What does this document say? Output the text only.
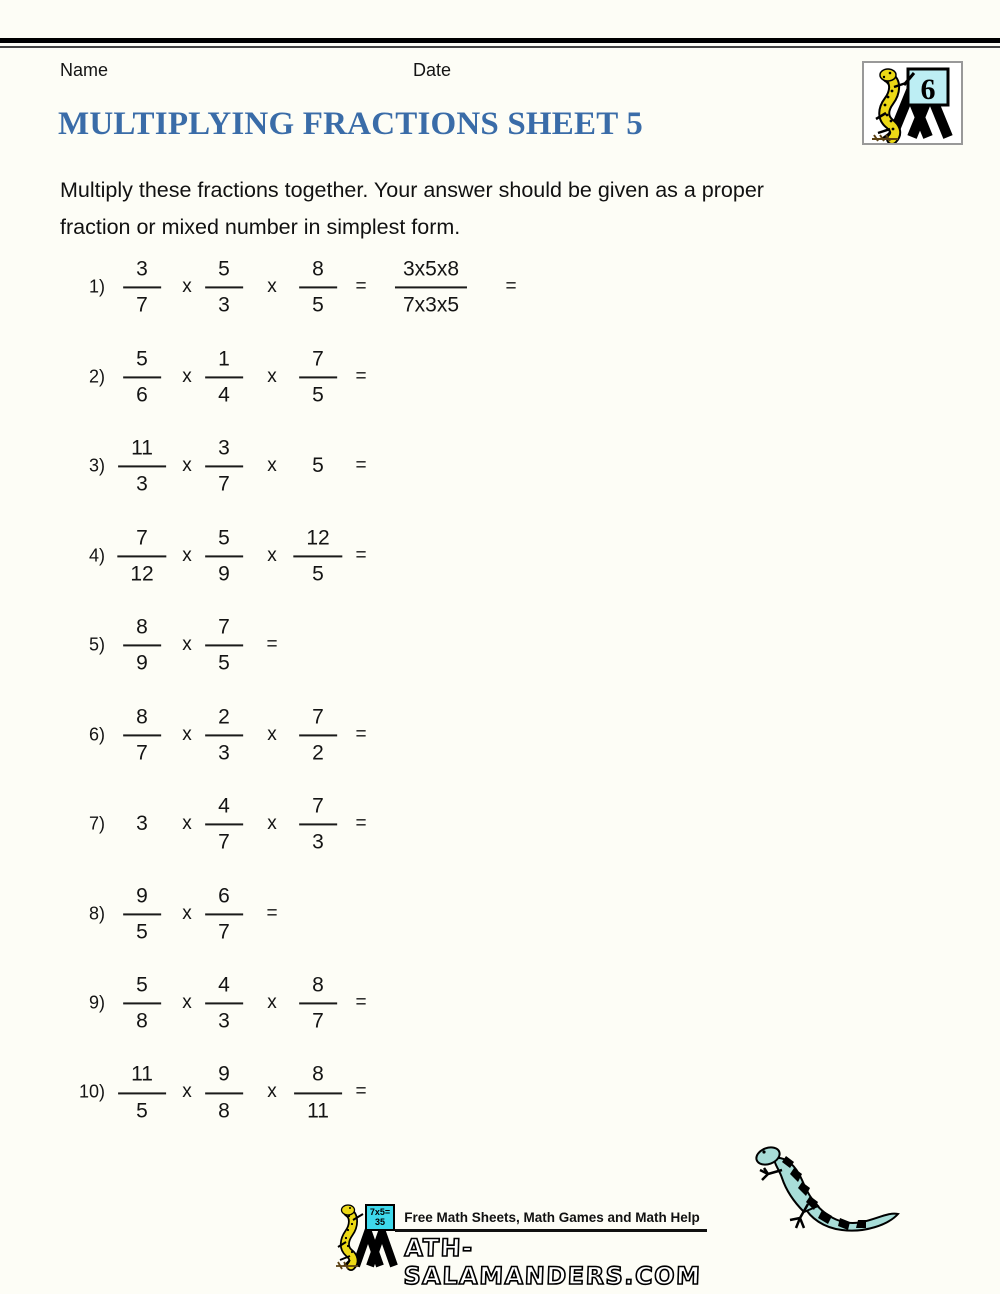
Name	Date
6
MULTIPLYING FRACTIONS SHEET 5
Multiply these fractions together. Your answer should be given as a proper
fraction or mixed number in simplest form.
$1) \frac{3}{7}$ x $\frac{5}{3}$ x $\frac{8}{5} = \frac{3x5x8}{7x3x5}$ =
$2) \frac{5}{6}$ x $\frac{1}{4}$ x $\frac{7}{5}$ =
$3) \frac{11}{3}$ x $\frac{3}{7}$ x 5 =
$4) \frac{7}{12}$ x $\frac{5}{9}$ x $\frac{12}{5}$ =
$5) \frac{8}{9}$ x $\frac{7}{5}$ =
$6) \frac{8}{7}$ x $\frac{2}{3}$ x $\frac{7}{2}$ =
7) 3 x $\frac{4}{7}$ x $\frac{7}{3}$ =
$8) \frac{9}{5}$ x $\frac{6}{7}$ =
$9) \frac{5}{8}$ x $\frac{4}{3}$ x $\frac{8}{7}$ =
$10) \frac{11}{5}$ x $\frac{9}{8}$ x $\frac{8}{11}$ =
7x5=
35	Free Math Sheets, Math Games and Math Help
ATH-SALAMANDERS.COM
